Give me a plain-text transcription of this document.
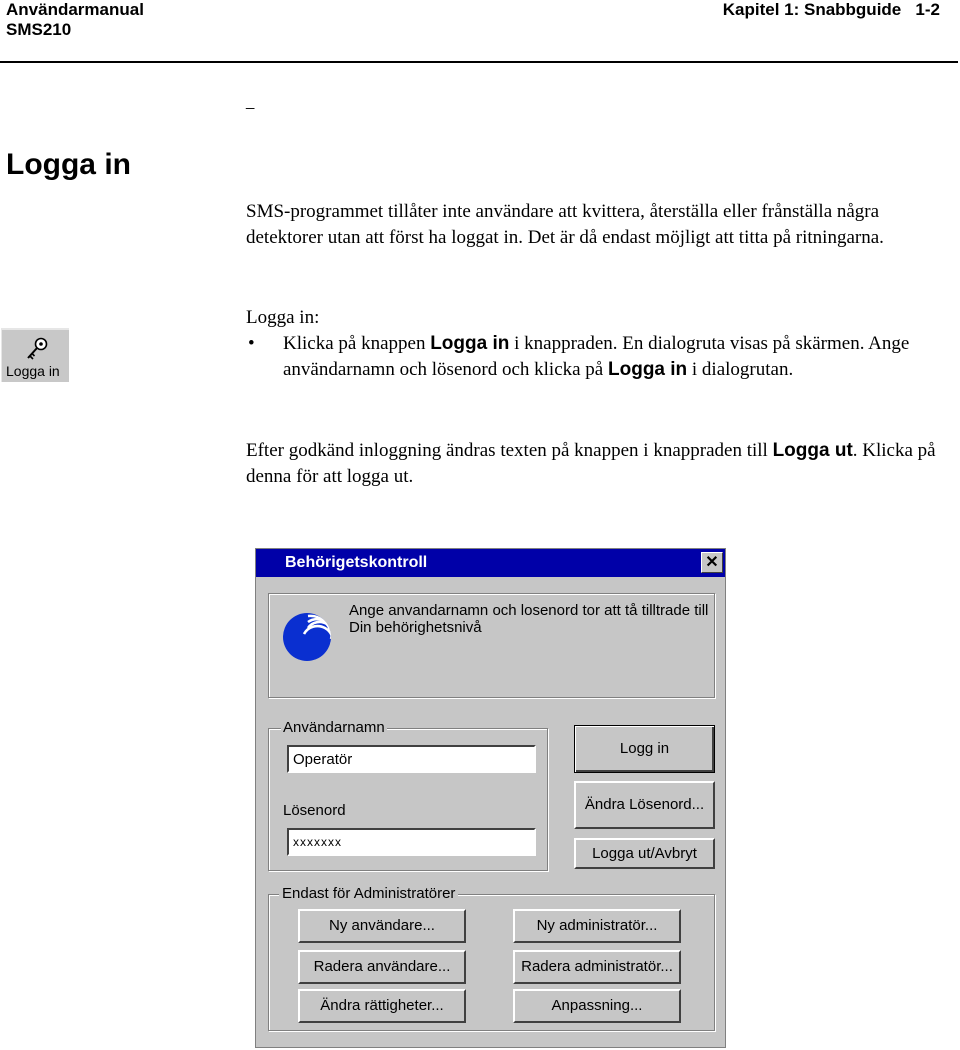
Användarmanual
SMS210
Kapitel 1: Snabbguide   1-2
_
Logga in

SMS-programmet tillåter inte användare att kvittera, återställa eller frånställa några detektorer utan att först ha loggat in. Det är då endast möjligt att titta på ritningarna.

Logga in:

• Klicka på knappen Logga in i knappraden. En dialogruta visas på skärmen. Ange användarnamn och lösenord och klicka på Logga in i dialogrutan.

Efter godkänd inloggning ändras texten på knappen i knappraden till Logga ut. Klicka på denna för att logga ut.

Logga in
Behörigetskontroll	✕
Ange anvandarnamn och losenord tor att tå tilltrade till Din behörighetsnivå
Användarnamn
Operatör
Lösenord
xxxxxxx
Logg in
Ändra Lösenord...
Logga ut/Avbryt
Endast för Administratörer
Ny användare...	Ny administratör...
Radera användare...	Radera administratör...
Ändra rättigheter...	Anpassning...
